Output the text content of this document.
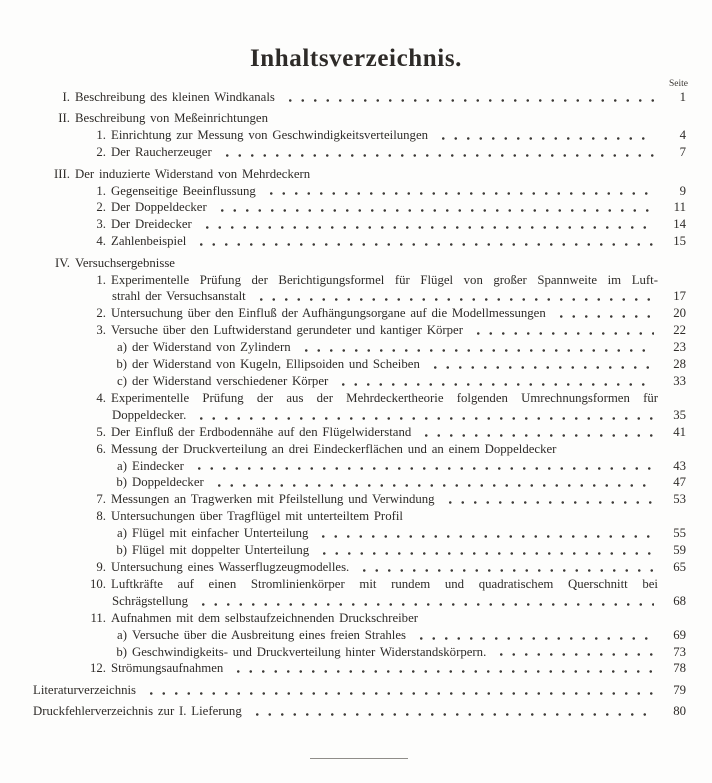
Inhaltsverzeichnis.
Seite
I. Beschreibung des kleinen Windkanals	1
II. Beschreibung von Meßeinrichtungen
1. Einrichtung zur Messung von Geschwindigkeitsverteilungen	4
2. Der Raucherzeuger	7
III. Der induzierte Widerstand von Mehrdeckern
1. Gegenseitige Beeinflussung	9
2. Der Doppeldecker	11
3. Der Dreidecker	14
4. Zahlenbeispiel	15
IV. Versuchsergebnisse
1. Experimentelle Prüfung der Berichtigungsformel für Flügel von großer Spannweite im Luft-
strahl der Versuchsanstalt	17
2. Untersuchung über den Einfluß der Aufhängungsorgane auf die Modellmessungen	20
3. Versuche über den Luftwiderstand gerundeter und kantiger Körper	22
a) der Widerstand von Zylindern	23
b) der Widerstand von Kugeln, Ellipsoiden und Scheiben	28
c) der Widerstand verschiedener Körper	33
4. Experimentelle Prüfung der aus der Mehrdeckertheorie folgenden Umrechnungsformen für
Doppeldecker.	35
5. Der Einfluß der Erdbodennähe auf den Flügelwiderstand	41
6. Messung der Druckverteilung an drei Eindeckerflächen und an einem Doppeldecker
a) Eindecker	43
b) Doppeldecker	47
7. Messungen an Tragwerken mit Pfeilstellung und Verwindung	53
8. Untersuchungen über Tragflügel mit unterteiltem Profil
a) Flügel mit einfacher Unterteilung	55
b) Flügel mit doppelter Unterteilung	59
9. Untersuchung eines Wasserflugzeugmodelles.	65
10. Luftkräfte auf einen Stromlinienkörper mit rundem und quadratischem Querschnitt bei
Schrägstellung	68
11. Aufnahmen mit dem selbstaufzeichnenden Druckschreiber
a) Versuche über die Ausbreitung eines freien Strahles	69
b) Geschwindigkeits- und Druckverteilung hinter Widerstandskörpern.	73
12. Strömungsaufnahmen	78
Literaturverzeichnis	79
Druckfehlerverzeichnis zur I. Lieferung	80
